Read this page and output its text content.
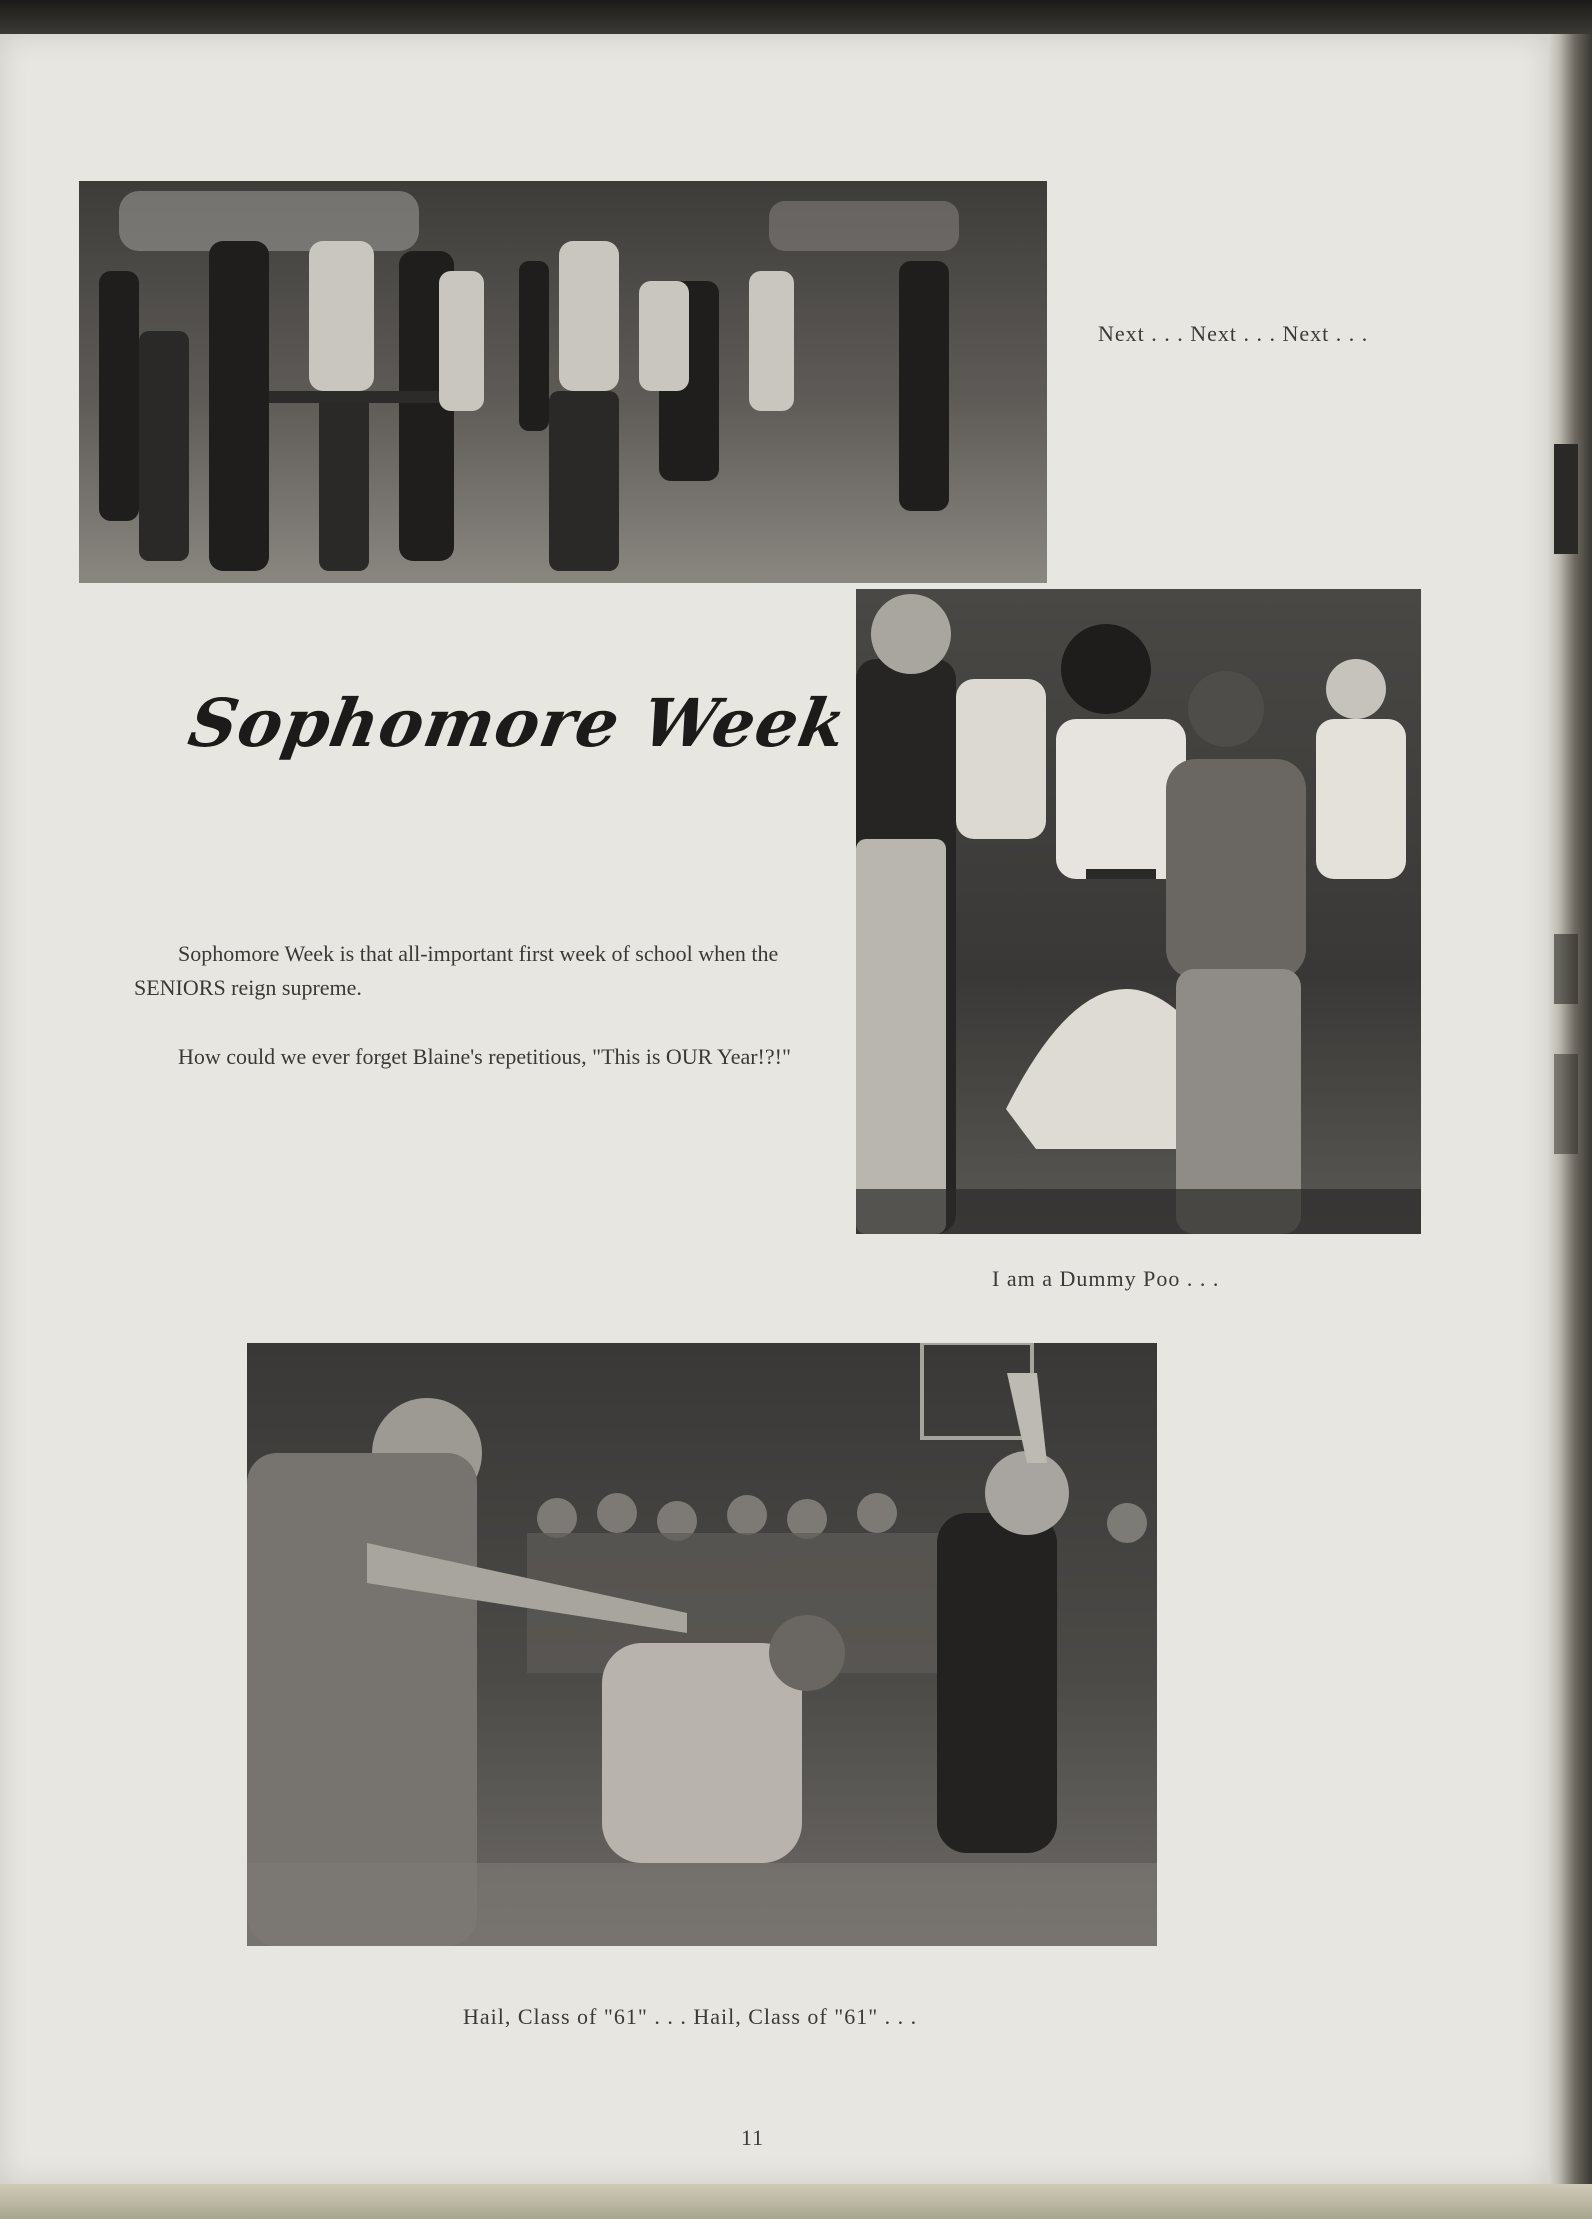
Next . . . Next . . . Next . . .
Sophomore Week
Sophomore Week is that all-important first week of school when the SENIORS reign supreme.
How could we ever forget Blaine's repetitious, "This is OUR Year!?!"
I am a Dummy Poo . . .
Hail, Class of "61" . . . Hail, Class of "61" . . .
11
